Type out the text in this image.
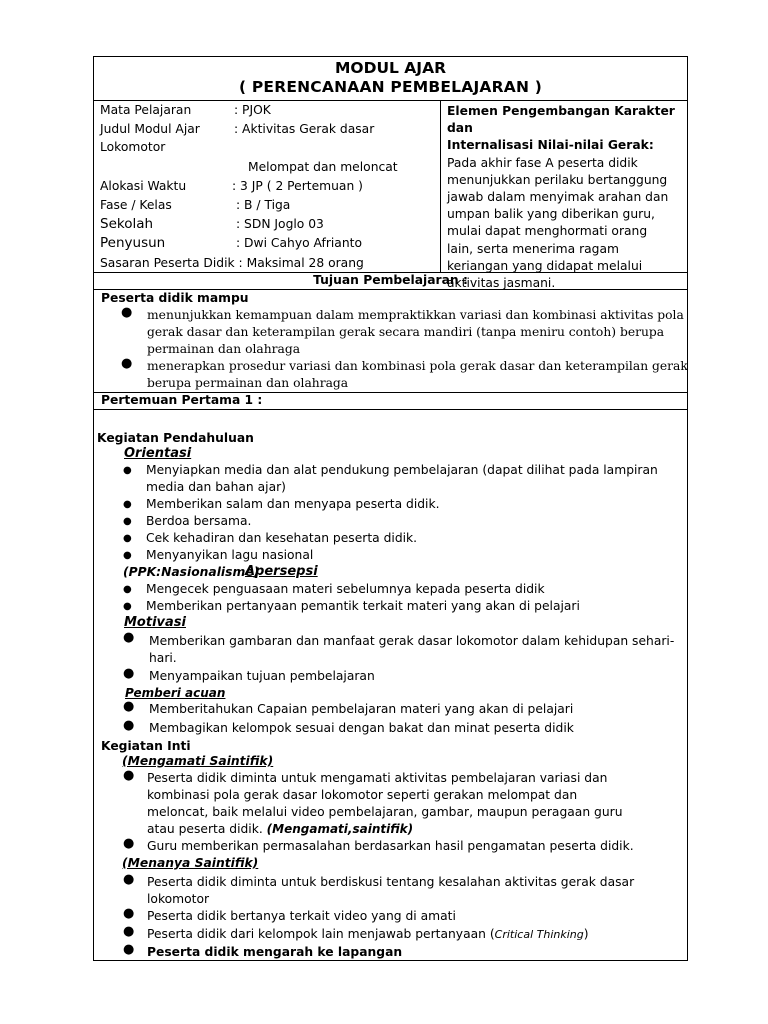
MODUL AJAR
( PERENCANAAN PEMBELAJARAN )
Mata Pelajaran	: PJOK
Judul Modul Ajar	: Aktivitas Gerak dasar
Lokomotor
Melompat dan meloncat
Alokasi Waktu	: 3 JP ( 2 Pertemuan )
Fase / Kelas	: B / Tiga
Sekolah	: SDN Joglo 03
Penyusun	: Dwi Cahyo Afrianto
Sasaran Peserta Didik : Maksimal 28 orang
Elemen Pengembangan Karakter dan
Internalisasi Nilai-nilai Gerak:
Pada akhir fase A peserta didik
menunjukkan perilaku bertanggung
jawab dalam menyimak arahan dan
umpan balik yang diberikan guru,
mulai dapat menghormati orang
lain, serta menerima ragam
keriangan yang didapat melalui
aktivitas jasmani.
Tujuan Pembelajaran :
Peserta didik mampu
● menunjukkan kemampuan dalam mempraktikkan variasi dan kombinasi aktivitas pola
gerak dasar dan keterampilan gerak secara mandiri (tanpa meniru contoh) berupa
permainan dan olahraga
● menerapkan prosedur variasi dan kombinasi pola gerak dasar dan keterampilan gerak
berupa permainan dan olahraga
Pertemuan Pertama 1 :
Kegiatan Pendahuluan
Orientasi
● Menyiapkan media dan alat pendukung pembelajaran (dapat dilihat pada lampiran
media dan bahan ajar)
● Memberikan salam dan menyapa peserta didik.
● Berdoa bersama.
● Cek kehadiran dan kesehatan peserta didik.
● Menyanyikan lagu nasional
(PPK:Nasionalisme)
Apersepsi
● Mengecek penguasaan materi sebelumnya kepada peserta didik
● Memberikan pertanyaan pemantik terkait materi yang akan di pelajari
Motivasi
● Memberikan gambaran dan manfaat gerak dasar lokomotor dalam kehidupan sehari-
hari.
● Menyampaikan tujuan pembelajaran
Pemberi acuan
● Memberitahukan Capaian pembelajaran materi yang akan di pelajari
● Membagikan kelompok sesuai dengan bakat dan minat peserta didik
Kegiatan Inti
(Mengamati Saintifik)
● Peserta didik diminta untuk mengamati aktivitas pembelajaran variasi dan
kombinasi pola gerak dasar lokomotor seperti gerakan melompat dan
meloncat, baik melalui video pembelajaran, gambar, maupun peragaan guru
atau peserta didik. (Mengamati,saintifik)
● Guru memberikan permasalahan berdasarkan hasil pengamatan peserta didik.
(Menanya Saintifik)
● Peserta didik diminta untuk berdiskusi tentang kesalahan aktivitas gerak dasar
lokomotor
● Peserta didik bertanya terkait video yang di amati
● Peserta didik dari kelompok lain menjawab pertanyaan (Critical Thinking)
● Peserta didik mengarah ke lapangan
